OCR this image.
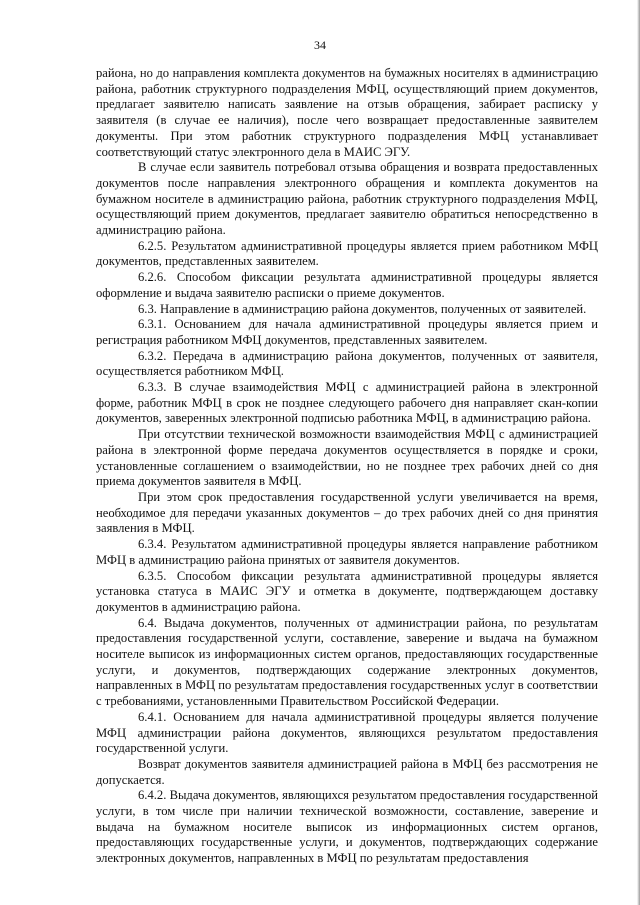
34

района, но до направления комплекта документов на бумажных носителях в администрацию района, работник структурного подразделения МФЦ, осуществляющий прием документов, предлагает заявителю написать заявление на отзыв обращения, забирает расписку у заявителя (в случае ее наличия), после чего возвращает предоставленные заявителем документы. При этом работник структурного подразделения МФЦ устанавливает соответствующий статус электронного дела в МАИС ЭГУ.

В случае если заявитель потребовал отзыва обращения и возврата предоставленных документов после направления электронного обращения и комплекта документов на бумажном носителе в администрацию района, работник структурного подразделения МФЦ, осуществляющий прием документов, предлагает заявителю обратиться непосредственно в администрацию района.

6.2.5. Результатом административной процедуры является прием работником МФЦ документов, представленных заявителем.

6.2.6. Способом фиксации результата административной процедуры является оформление и выдача заявителю расписки о приеме документов.

6.3. Направление в администрацию района документов, полученных от заявителей.

6.3.1. Основанием для начала административной процедуры является прием и регистрация работником МФЦ документов, представленных заявителем.

6.3.2. Передача в администрацию района документов, полученных от заявителя, осуществляется работником МФЦ.

6.3.3. В случае взаимодействия МФЦ с администрацией района в электронной форме, работник МФЦ в срок не позднее следующего рабочего дня направляет скан-копии документов, заверенных электронной подписью работника МФЦ, в администрацию района.

При отсутствии технической возможности взаимодействия МФЦ с администрацией района в электронной форме передача документов осуществляется в порядке и сроки, установленные соглашением о взаимодействии, но не позднее трех рабочих дней со дня приема документов заявителя в МФЦ.

При этом срок предоставления государственной услуги увеличивается на время, необходимое для передачи указанных документов – до трех рабочих дней со дня принятия заявления в МФЦ.

6.3.4. Результатом административной процедуры является направление работником МФЦ в администрацию района принятых от заявителя документов.

6.3.5. Способом фиксации результата административной процедуры является установка статуса в МАИС ЭГУ и отметка в документе, подтверждающем доставку документов в администрацию района.

6.4. Выдача документов, полученных от администрации района, по результатам предоставления государственной услуги, составление, заверение и выдача на бумажном носителе выписок из информационных систем органов, предоставляющих государственные услуги, и документов, подтверждающих содержание электронных документов, направленных в МФЦ по результатам предоставления государственных услуг в соответствии с требованиями, установленными Правительством Российской Федерации.

6.4.1. Основанием для начала административной процедуры является получение МФЦ администрации района документов, являющихся результатом предоставления государственной услуги.

Возврат документов заявителя администрацией района в МФЦ без рассмотрения не допускается.

6.4.2. Выдача документов, являющихся результатом предоставления государственной услуги, в том числе при наличии технической возможности, составление, заверение и выдача на бумажном носителе выписок из информационных систем органов, предоставляющих государственные услуги, и документов, подтверждающих содержание электронных документов, направленных в МФЦ по результатам предоставления
